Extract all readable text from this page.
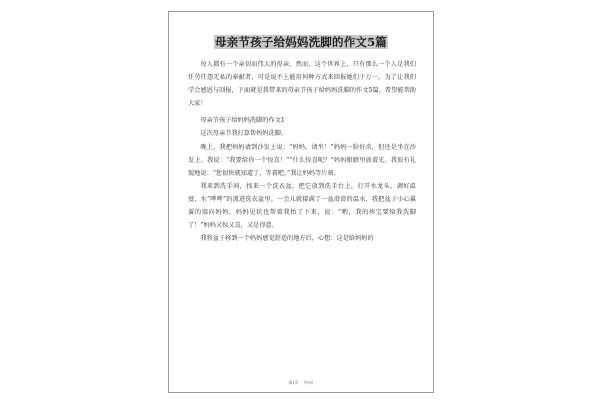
母亲节孩子给妈妈洗脚的作文5篇

每人都有一个亲切而伟大的母亲，然而，这个世界上，只有那么一个人是我们任劳任怨无私的奉献者，可是说不上能用何种方式来回报她们于万一。为了让我们学会感恩与回报，下面就是我带来的母亲节孩子给妈妈洗脚的作文5篇，希望能帮助大家！

母亲节孩子给妈妈洗脚的作文1

这次母亲节我打算帮妈妈洗脚。

晚上，我把妈妈请到沙发上说：“妈妈，请坐！”妈妈一脸好奇，但还是坐在沙发上。我说：“我要给你一个惊喜！”“什么惊喜呢？”妈妈眼睛里放着光。我很有礼貌地说：“您很快就知道了，等着吧。”我让妈妈等片刻。

我来到洗手间，找来一个洗衣盆，把它放到洗手台上，打开水龙头，调好温度，水“哗哗”的流进洗衣盆里。一会儿就接满了一盆滑滑的温水，我把盆子小心翼翼的端向妈妈，妈妈见状也帮着我抬了下来，说：“哟，我的珍宝要给我洗脚了！”妈妈又惊又喜，又是得意。

我将盆子移到一个妈妈感觉舒适的地方后，心想：这是给妈妈的

第1页 共9页
